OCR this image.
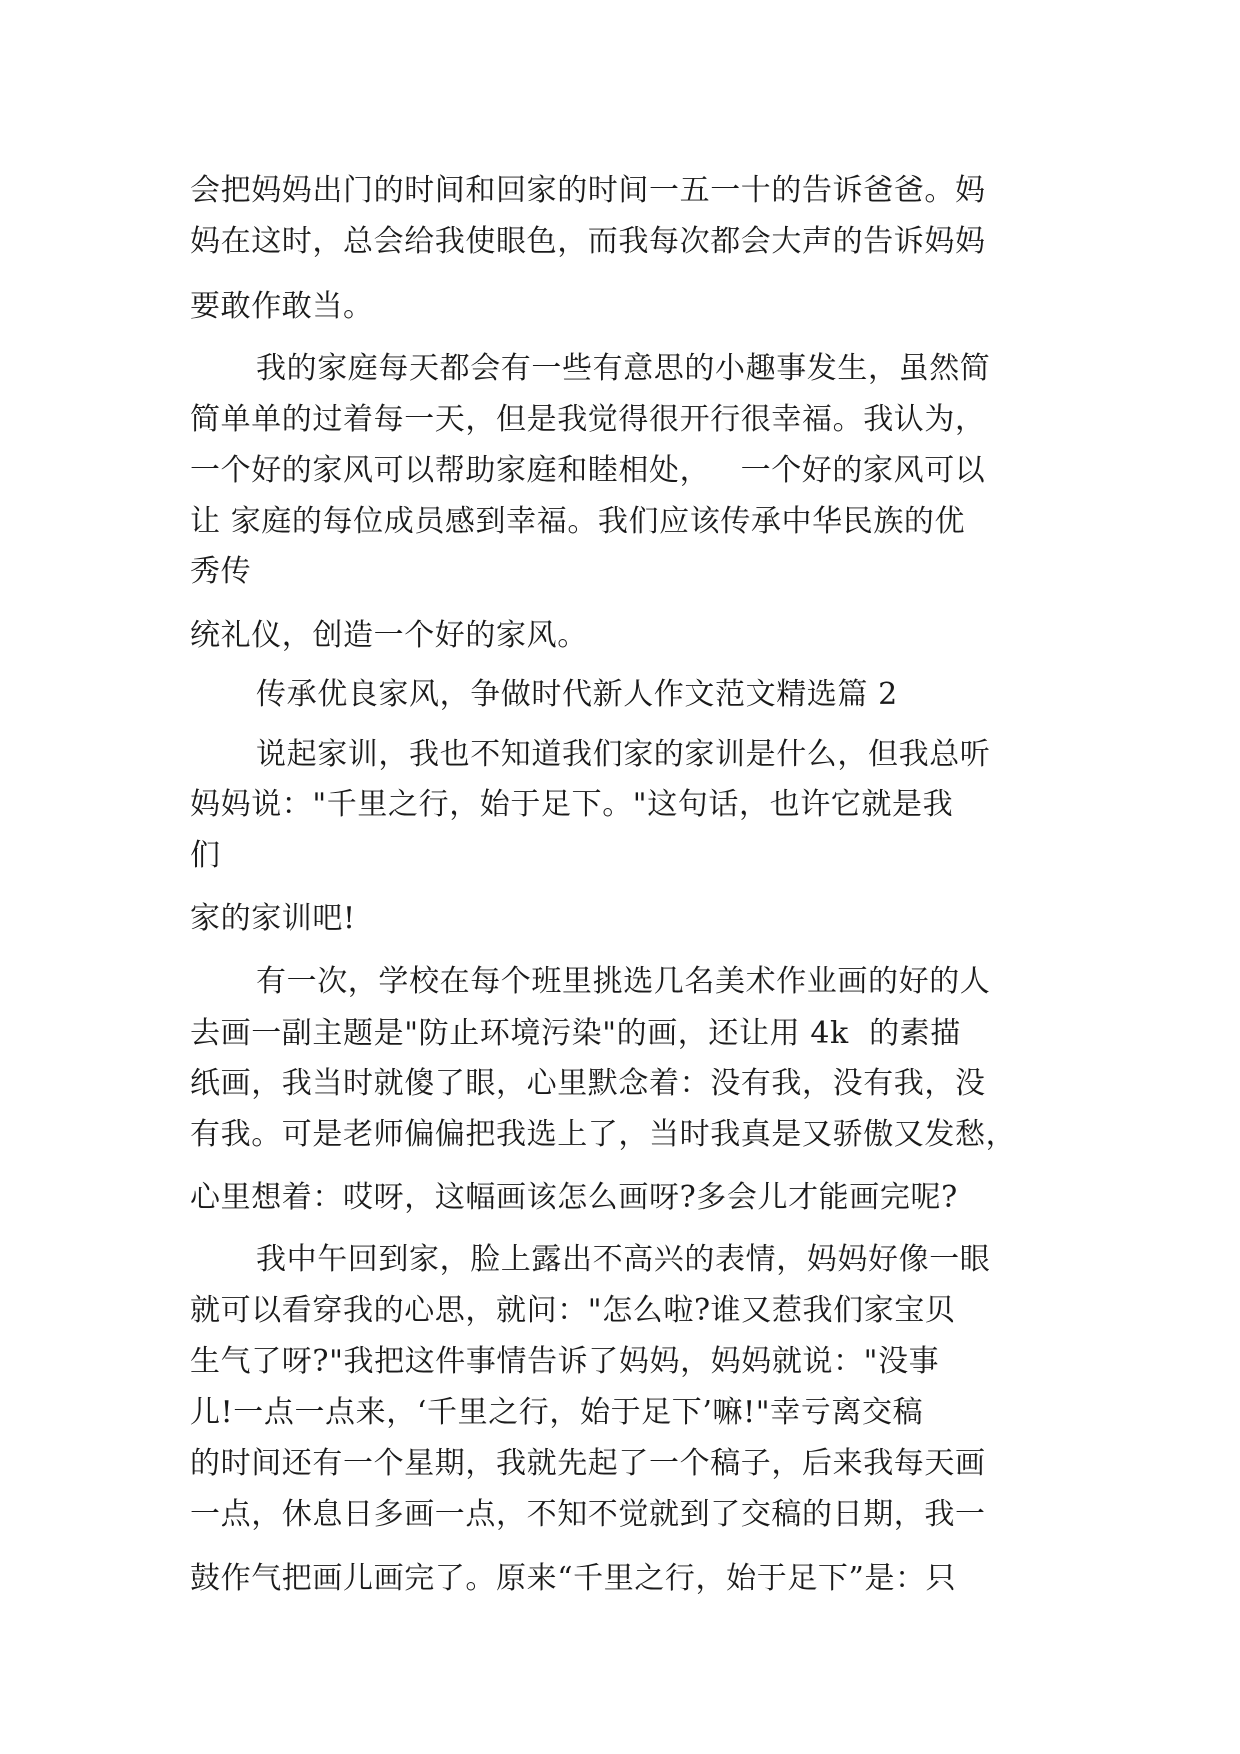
会把妈妈出门的时间和回家的时间一五一十的告诉爸爸。妈
妈在这时，总会给我使眼色，而我每次都会大声的告诉妈妈
要敢作敢当。
我的家庭每天都会有一些有意思的小趣事发生，虽然简
简单单的过着每一天，但是我觉得很开行很幸福。我认为，
一个好的家风可以帮助家庭和睦相处，   一个好的家风可以
让 家庭的每位成员感到幸福。我们应该传承中华民族的优
秀传
统礼仪，创造一个好的家风。
传承优良家风，争做时代新人作文范文精选篇 2
说起家训，我也不知道我们家的家训是什么，但我总听
妈妈说："千里之行，始于足下。"这句话，也许它就是我
们
家的家训吧!
有一次，学校在每个班里挑选几名美术作业画的好的人
去画一副主题是"防止环境污染"的画，还让用 4k  的素描
纸画，我当时就傻了眼，心里默念着：没有我，没有我，没
有我。可是老师偏偏把我选上了，当时我真是又骄傲又发愁，
心里想着：哎呀，这幅画该怎么画呀?多会儿才能画完呢?
我中午回到家，脸上露出不高兴的表情，妈妈好像一眼
就可以看穿我的心思，就问："怎么啦?谁又惹我们家宝贝
生气了呀?"我把这件事情告诉了妈妈，妈妈就说："没事
儿!一点一点来，‘千里之行，始于足下’嘛!"幸亏离交稿
的时间还有一个星期，我就先起了一个稿子，后来我每天画
一点，休息日多画一点，不知不觉就到了交稿的日期，我一
鼓作气把画儿画完了。原来“千里之行，始于足下”是：只
